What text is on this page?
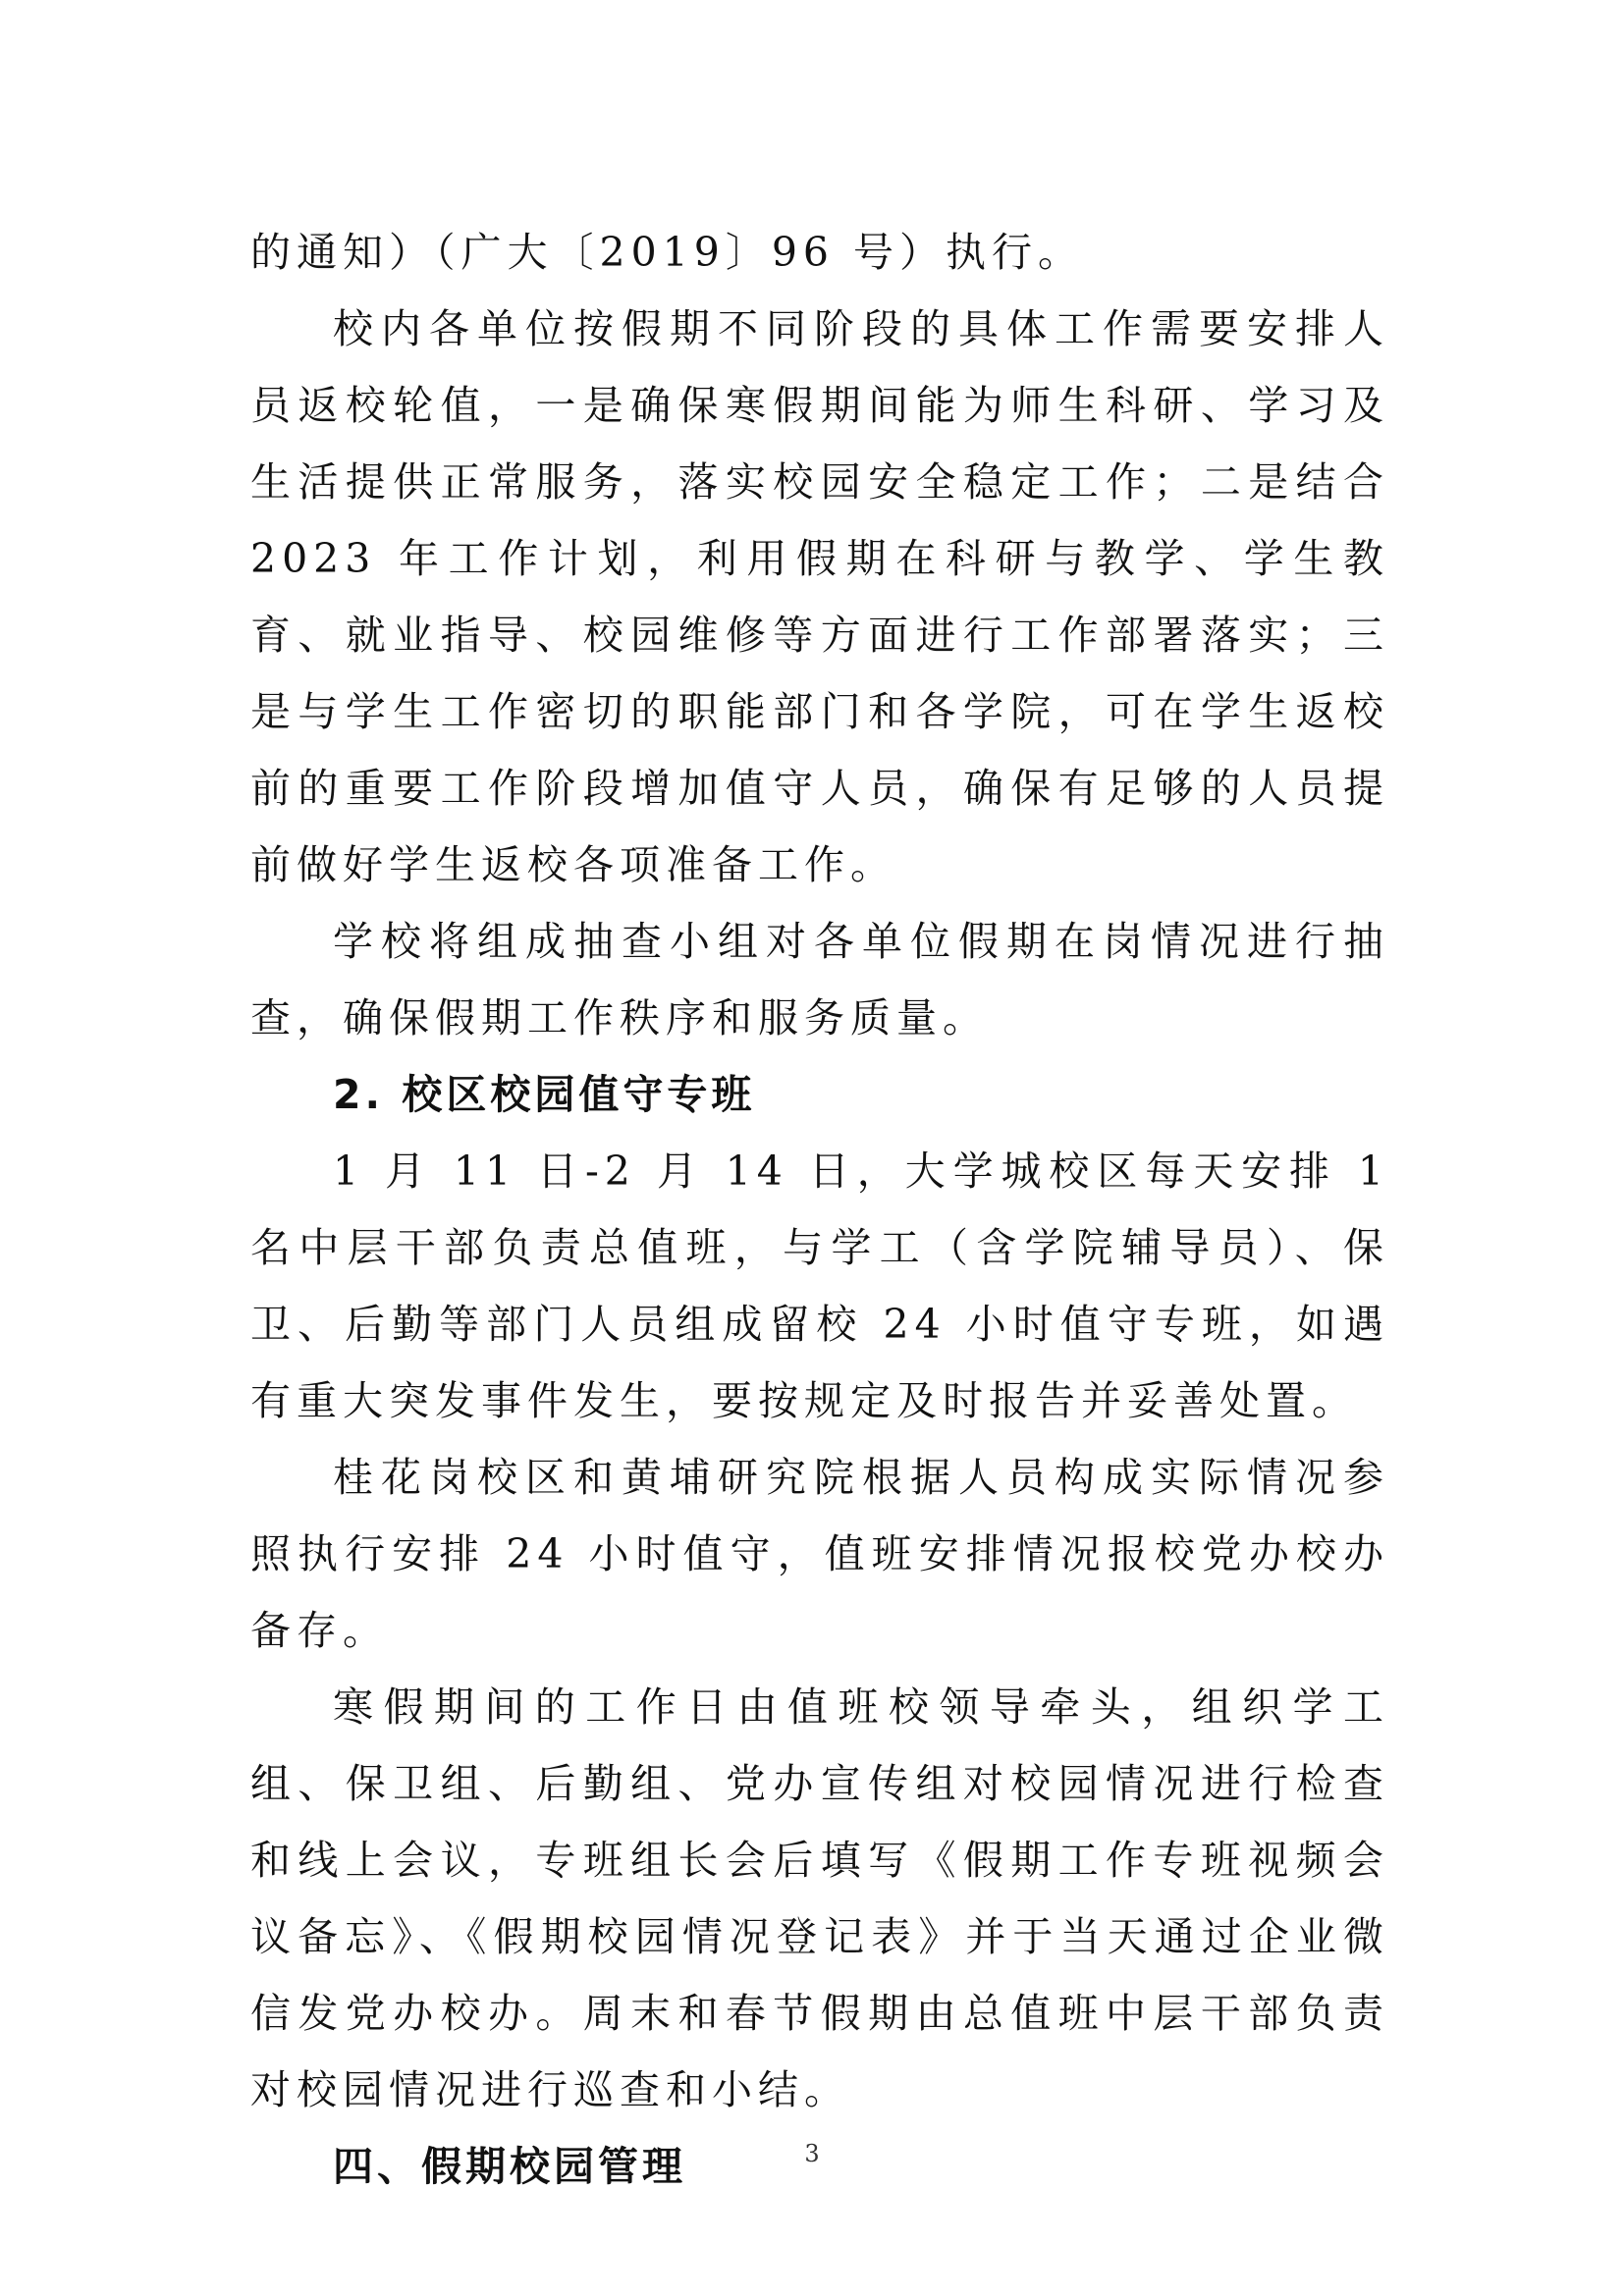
的通知）（广大〔2019〕96 号）执行。

校内各单位按假期不同阶段的具体工作需要安排人员返校轮值，一是确保寒假期间能为师生科研、学习及生活提供正常服务，落实校园安全稳定工作；二是结合 2023 年工作计划，利用假期在科研与教学、学生教育、就业指导、校园维修等方面进行工作部署落实；三是与学生工作密切的职能部门和各学院，可在学生返校前的重要工作阶段增加值守人员，确保有足够的人员提前做好学生返校各项准备工作。

学校将组成抽查小组对各单位假期在岗情况进行抽查，确保假期工作秩序和服务质量。

2. 校区校园值守专班

1 月 11 日-2 月 14 日，大学城校区每天安排 1 名中层干部负责总值班，与学工（含学院辅导员）、保卫、后勤等部门人员组成留校 24 小时值守专班，如遇有重大突发事件发生，要按规定及时报告并妥善处置。

桂花岗校区和黄埔研究院根据人员构成实际情况参照执行安排 24 小时值守，值班安排情况报校党办校办备存。

寒假期间的工作日由值班校领导牵头，组织学工组、保卫组、后勤组、党办宣传组对校园情况进行检查和线上会议，专班组长会后填写《假期工作专班视频会议备忘》、《假期校园情况登记表》并于当天通过企业微信发党办校办。周末和春节假期由总值班中层干部负责对校园情况进行巡查和小结。

四、假期校园管理	3
